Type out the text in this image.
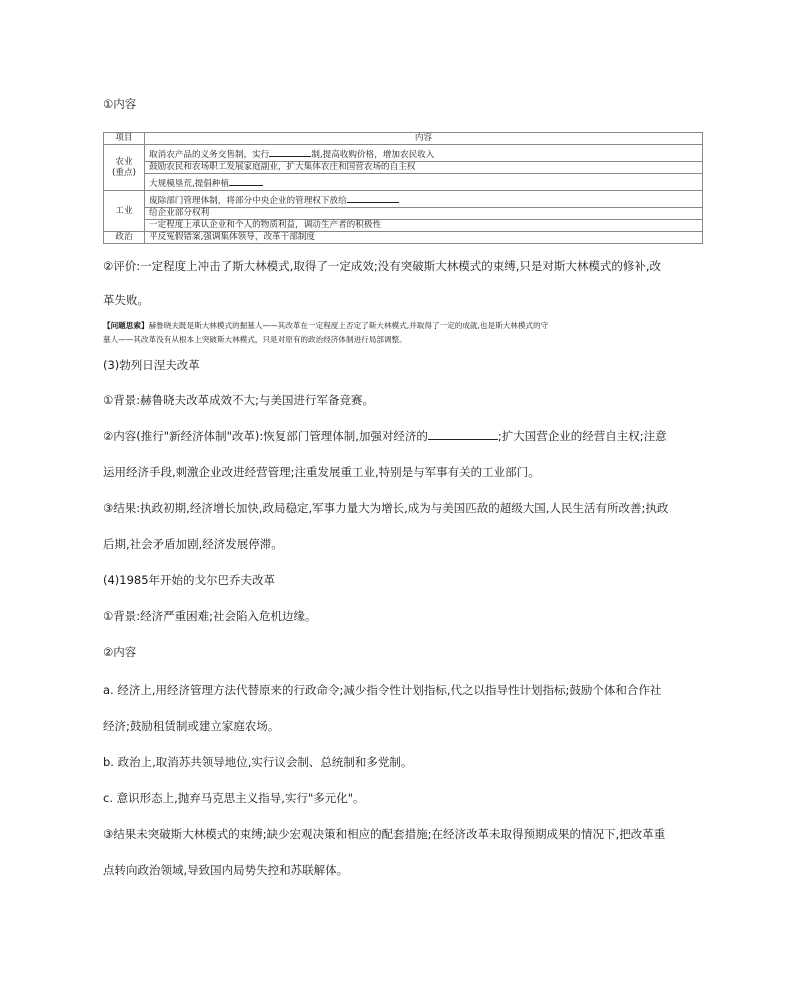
①内容
项目	内容
农业
(重点)	取消农产品的义务交售制，实行 制,提高收购价格，增加农民收入
	鼓励农民和农场职工发展家庭副业，扩大集体农庄和国营农场的自主权
	大规模垦荒,提倡种植
工业	废除部门管理体制，将部分中央企业的管理权下放给
	给企业部分权利
	一定程度上承认企业和个人的物质利益，调动生产者的积极性
政治	平反冤假错案,强调集体领导，改革干部制度
②评价:一定程度上冲击了斯大林模式,取得了一定成效;没有突破斯大林模式的束缚,只是对斯大林模式的修补,改
革失败。
【问题思索】赫鲁晓夫既是斯大林模式的掘墓人——其改革在一定程度上否定了斯大林模式,并取得了一定的成就,也是斯大林模式的守
墓人——其改革没有从根本上突破斯大林模式，只是对原有的政治经济体制进行局部调整。
(3)勃列日涅夫改革
①背景:赫鲁晓夫改革成效不大;与美国进行军备竞赛。
②内容(推行"新经济体制"改革):恢复部门管理体制,加强对经济的	;扩大国营企业的经营自主权;注意
运用经济手段,刺激企业改进经营管理;注重发展重工业,特别是与军事有关的工业部门。
③结果:执政初期,经济增长加快,政局稳定,军事力量大为增长,成为与美国匹敌的超级大国,人民生活有所改善;执政
后期,社会矛盾加剧,经济发展停滞。
(4)1985年开始的戈尔巴乔夫改革
①背景:经济严重困难;社会陷入危机边缘。
②内容
a. 经济上,用经济管理方法代替原来的行政命令;减少指令性计划指标,代之以指导性计划指标;鼓励个体和合作社
经济;鼓励租赁制或建立家庭农场。
b. 政治上,取消苏共领导地位,实行议会制、总统制和多党制。
c. 意识形态上,抛弃马克思主义指导,实行"多元化"。
③结果未突破斯大林模式的束缚;缺少宏观决策和相应的配套措施;在经济改革未取得预期成果的情况下,把改革重
点转向政治领域,导致国内局势失控和苏联解体。
